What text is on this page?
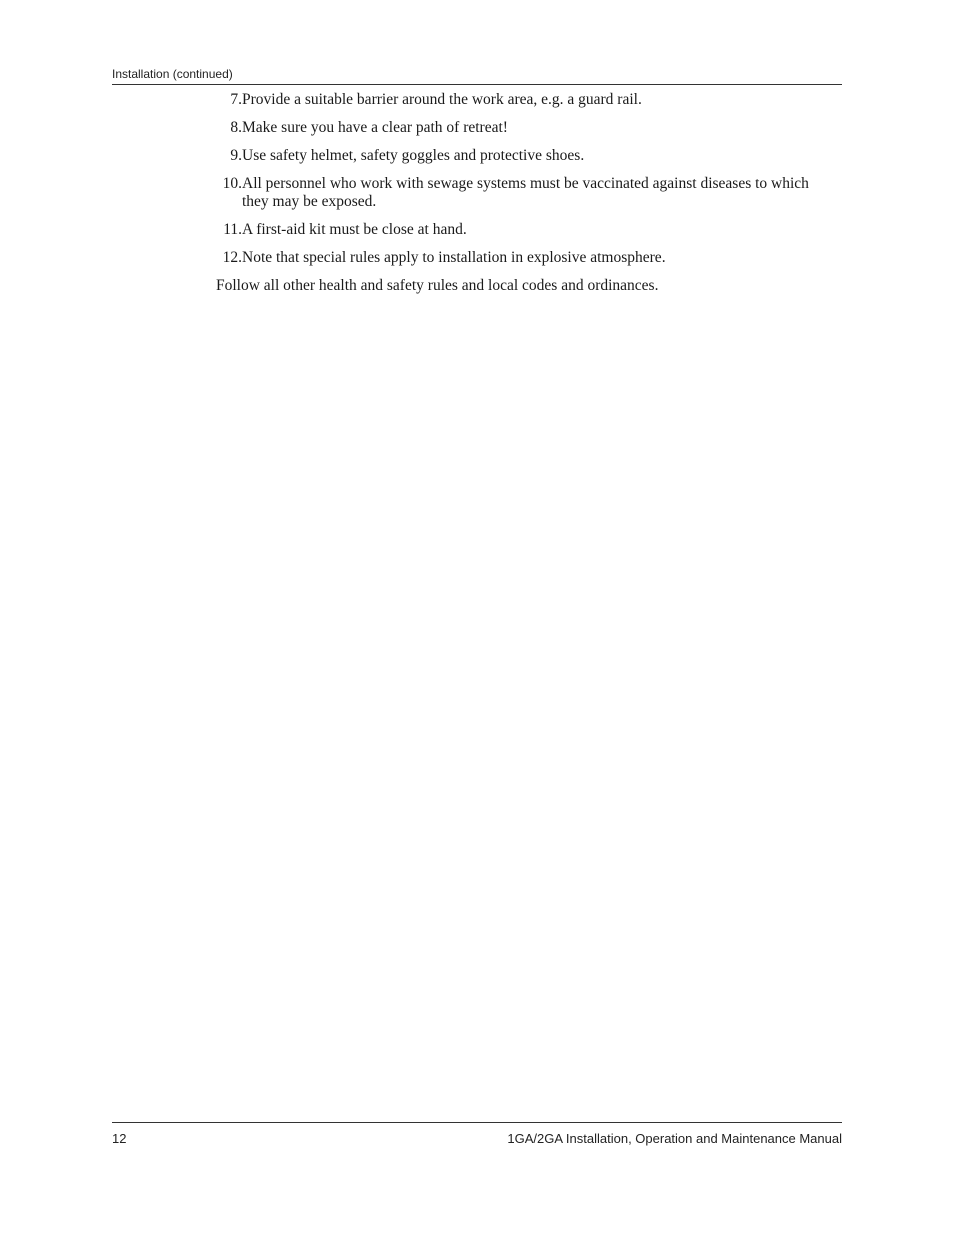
Installation (continued)
7. Provide a suitable barrier around the work area, e.g. a guard rail.
8. Make sure you have a clear path of retreat!
9. Use safety helmet, safety goggles and protective shoes.
10. All personnel who work with sewage systems must be vaccinated against diseases to which they may be exposed.
11. A first-aid kit must be close at hand.
12. Note that special rules apply to installation in explosive atmosphere.

Follow all other health and safety rules and local codes and ordinances.

12	1GA/2GA Installation, Operation and Maintenance Manual
